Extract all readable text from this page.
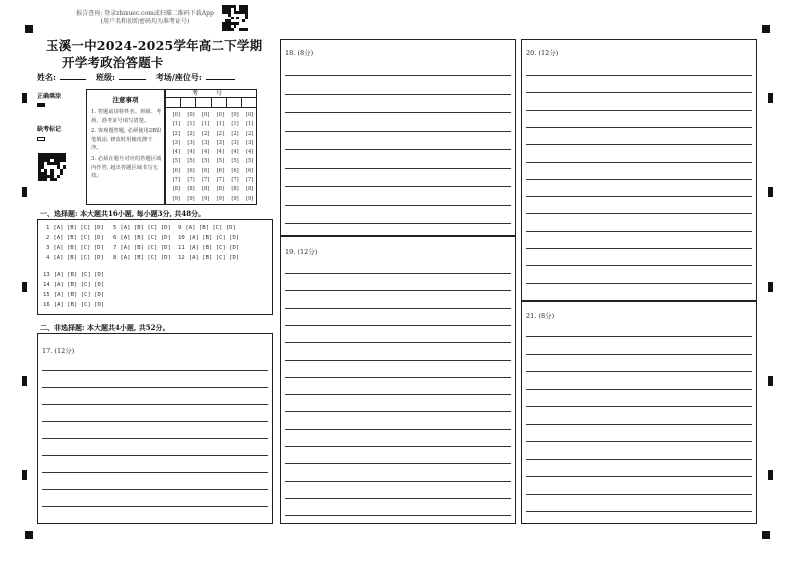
报告查询: 登录zhixuec.com或扫描二维码下载App
(用户名和初始密码均为准考证号)
玉溪一中2024-2025学年高二下学期
开学考政治答题卡
姓名:	班级:	考场/座位号:
正确填涂
缺考标记
注意事项
1. 答题前请将姓名、班级、考场、准考证号填写清楚。
2. 客观题答题, 必须使用2B铅笔填涂, 修改时用橡皮擦干净。
3. 必须在题号对应的答题区域内作答, 超出答题区域书写无效。
考 号
[0]	[0]	[0]	[0]	[0]	[0]
[1]	[1]	[1]	[1]	[1]	[1]
[2]	[2]	[2]	[2]	[2]	[2]
[3]	[3]	[3]	[3]	[3]	[3]
[4]	[4]	[4]	[4]	[4]	[4]
[5]	[5]	[5]	[5]	[5]	[5]
[6]	[6]	[6]	[6]	[6]	[6]
[7]	[7]	[7]	[7]	[7]	[7]
[8]	[8]	[8]	[8]	[8]	[8]
[9]	[9]	[9]	[9]	[9]	[9]
一、选择题: 本大题共16小题, 每小题3分, 共48分。
1 [A] [B] [C] [D]
2 [A] [B] [C] [D]
3 [A] [B] [C] [D]
4 [A] [B] [C] [D]
5 [A] [B] [C] [D]
6 [A] [B] [C] [D]
7 [A] [B] [C] [D]
8 [A] [B] [C] [D]
9 [A] [B] [C] [D]
10 [A] [B] [C] [D]
11 [A] [B] [C] [D]
12 [A] [B] [C] [D]
13 [A] [B] [C] [D]
14 [A] [B] [C] [D]
15 [A] [B] [C] [D]
16 [A] [B] [C] [D]
二、非选择题: 本大题共4小题, 共52分。
17. (12分)
18. (8分)
19. (12分)
20. (12分)
21. (8分)
